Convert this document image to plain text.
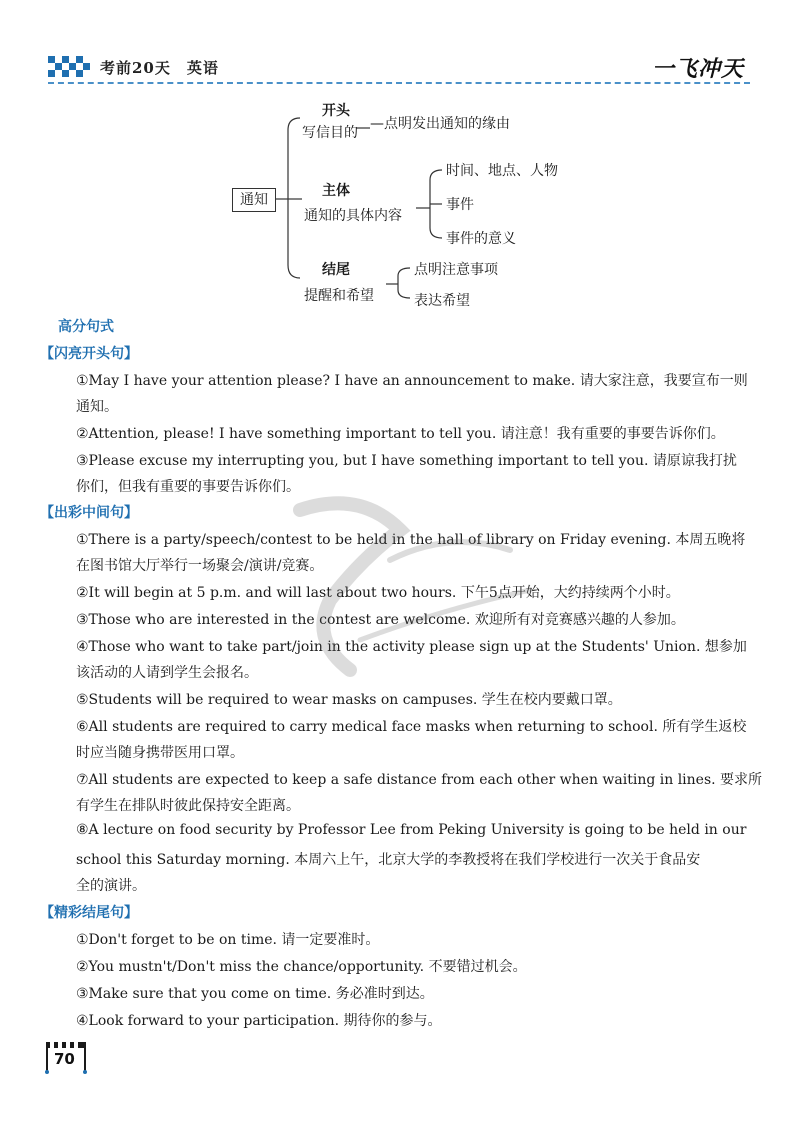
考前20天　英语	一飞冲天
通知
开头
写信目的
—点明发出通知的缘由
主体
通知的具体内容
时间、地点、人物
事件
事件的意义
结尾
提醒和希望
点明注意事项
表达希望
高分句式
【闪亮开头句】
①May I have your attention please? I have an announcement to make. 请大家注意，我要宣布一则
通知。
②Attention, please! I have something important to tell you. 请注意！我有重要的事要告诉你们。
③Please excuse my interrupting you, but I have something important to tell you. 请原谅我打扰
你们，但我有重要的事要告诉你们。
【出彩中间句】
①There is a party/speech/contest to be held in the hall of library on Friday evening. 本周五晚将
在图书馆大厅举行一场聚会/演讲/竞赛。
②It will begin at 5 p.m. and will last about two hours. 下午5点开始，大约持续两个小时。
③Those who are interested in the contest are welcome. 欢迎所有对竞赛感兴趣的人参加。
④Those who want to take part/join in the activity please sign up at the Students' Union. 想参加
该活动的人请到学生会报名。
⑤Students will be required to wear masks on campuses. 学生在校内要戴口罩。
⑥All students are required to carry medical face masks when returning to school. 所有学生返校
时应当随身携带医用口罩。
⑦All students are expected to keep a safe distance from each other when waiting in lines. 要求所
有学生在排队时彼此保持安全距离。
⑧A lecture on food security by Professor Lee from Peking University is going to be held in our
school this Saturday morning. 本周六上午，北京大学的李教授将在我们学校进行一次关于食品安
全的演讲。
【精彩结尾句】
①Don't forget to be on time. 请一定要准时。
②You mustn't/Don't miss the chance/opportunity. 不要错过机会。
③Make sure that you come on time. 务必准时到达。
④Look forward to your participation. 期待你的参与。
70
